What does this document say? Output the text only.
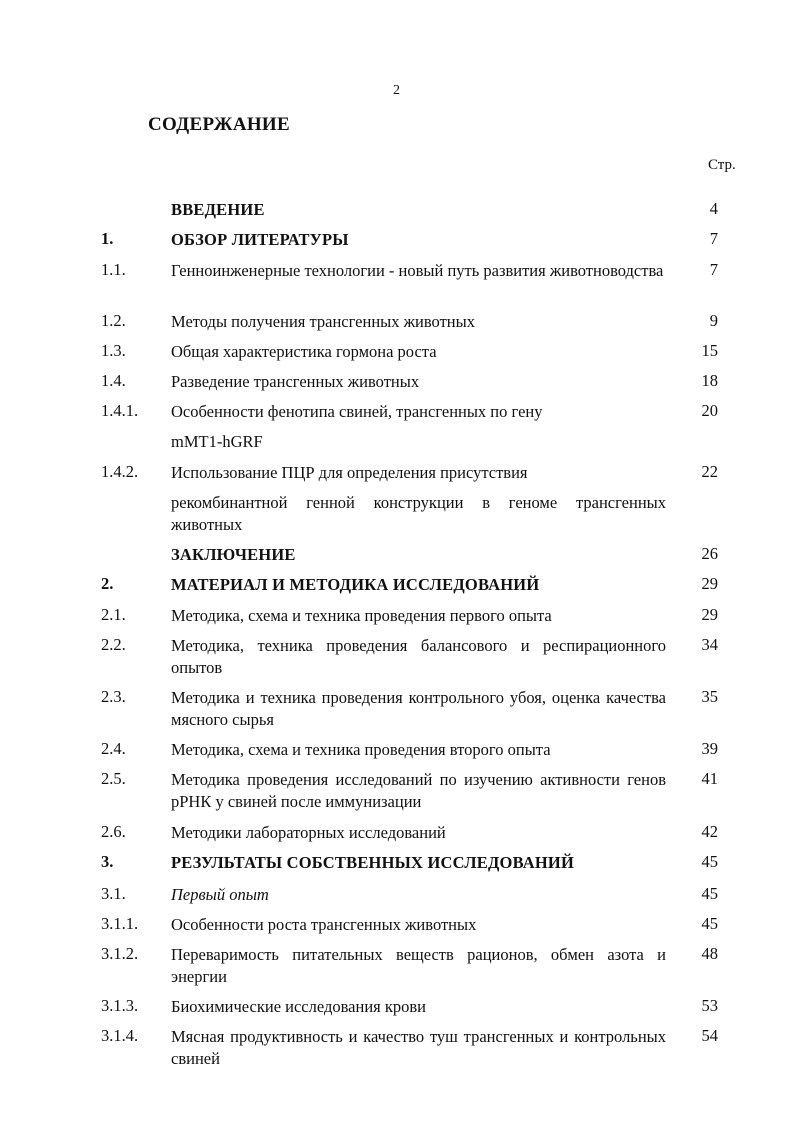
2
СОДЕРЖАНИЕ
Стр.
ВВЕДЕНИЕ	4
1.	ОБЗОР ЛИТЕРАТУРЫ	7
1.1.	Генноинженерные технологии - новый путь развития животноводства	7
1.2.	Методы получения трансгенных животных	9
1.3.	Общая характеристика гормона роста	15
1.4.	Разведение трансгенных животных	18
1.4.1. Особенности фенотипа свиней, трансгенных по гену	20
mMT1-hGRF
1.4.2. Использование ПЦР для определения присутствия	22
рекомбинантной генной конструкции в геноме трансгенных животных
ЗАКЛЮЧЕНИЕ	26
2.	МАТЕРИАЛ И МЕТОДИКА ИССЛЕДОВАНИЙ	29
2.1.	Методика, схема и техника проведения первого опыта	29
2.2.	Методика, техника проведения балансового и респирационного опытов
34
2.3.	Методика и техника проведения контрольного убоя, оценка качества мясного сырья
35
2.4.	Методика, схема и техника проведения второго опыта	39
2.5.	Методика проведения исследований по изучению активности генов рРНК у свиней после иммунизации
41
2.6.	Методики лабораторных исследований	42
3.	РЕЗУЛЬТАТЫ СОБСТВЕННЫХ ИССЛЕДОВАНИЙ	45
3.1.	Первый опыт	45
3.1.1. Особенности роста трансгенных животных	45
3.1.2. Переваримость питательных веществ рационов, обмен азота и энергии
48
3.1.3. Биохимические исследования крови	53
3.1.4. Мясная продуктивность и качество туш трансгенных и контрольных свиней
54
